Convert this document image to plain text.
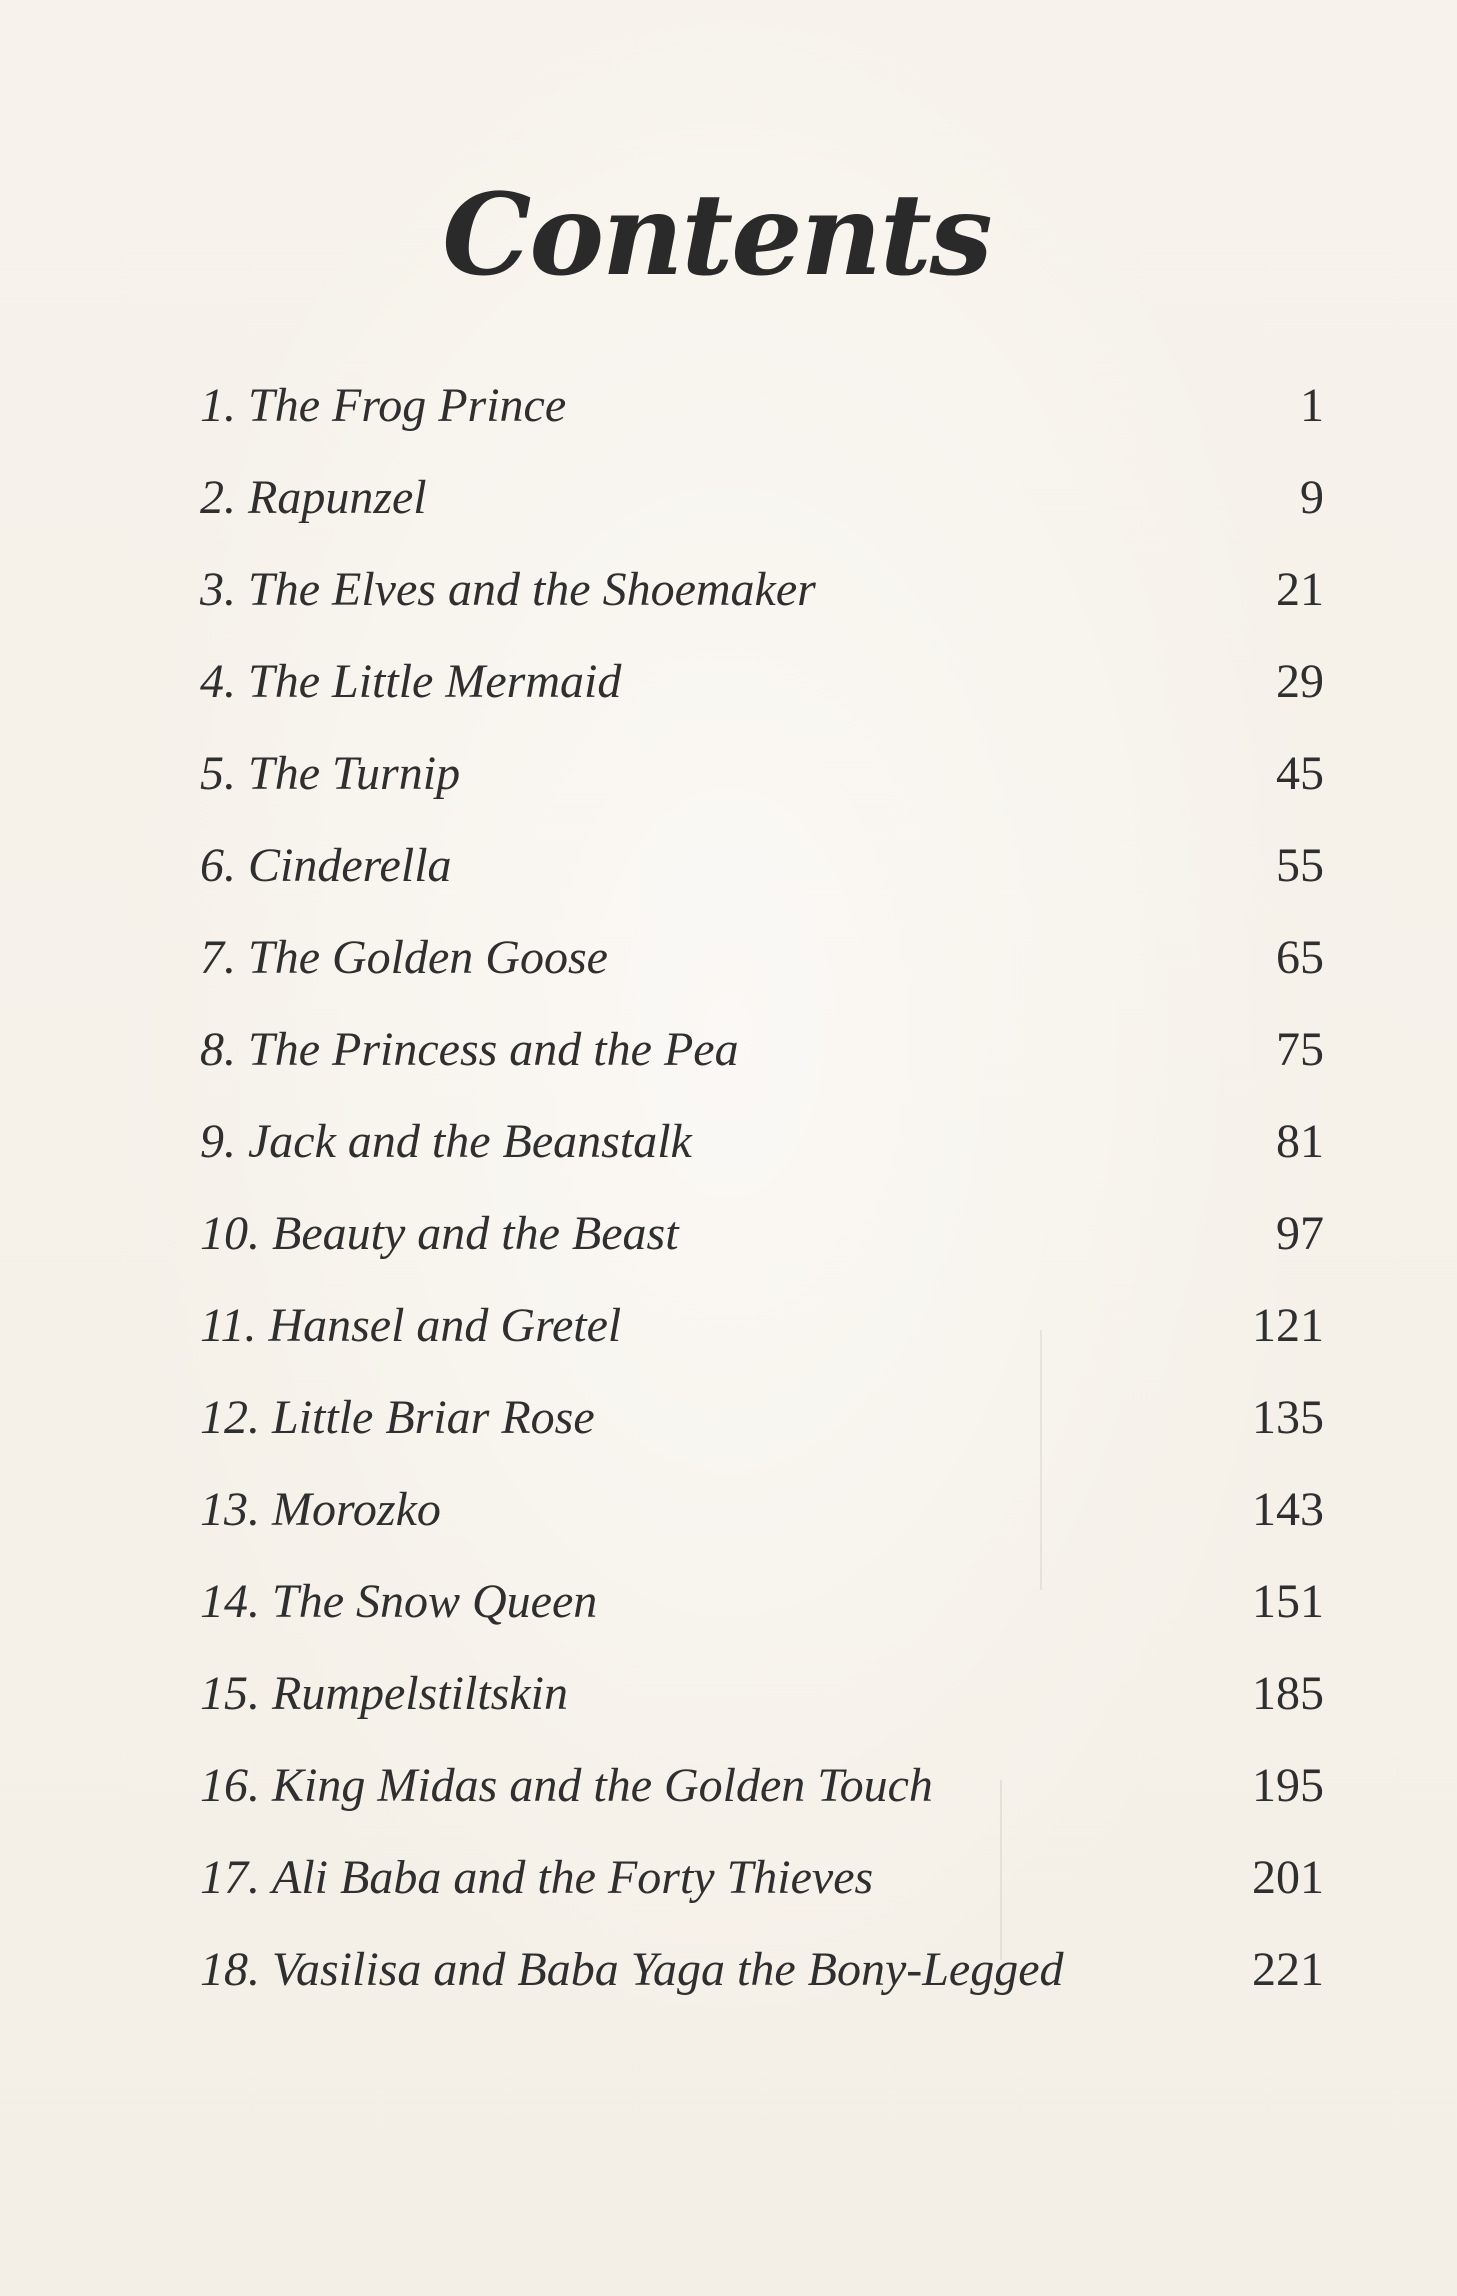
Contents
1. The Frog Prince	1
2. Rapunzel	9
3. The Elves and the Shoemaker	21
4. The Little Mermaid	29
5. The Turnip	45
6. Cinderella	55
7. The Golden Goose	65
8. The Princess and the Pea	75
9. Jack and the Beanstalk	81
10. Beauty and the Beast	97
11. Hansel and Gretel	121
12. Little Briar Rose	135
13. Morozko	143
14. The Snow Queen	151
15. Rumpelstiltskin	185
16. King Midas and the Golden Touch	195
17. Ali Baba and the Forty Thieves	201
18. Vasilisa and Baba Yaga the Bony-Legged	221
